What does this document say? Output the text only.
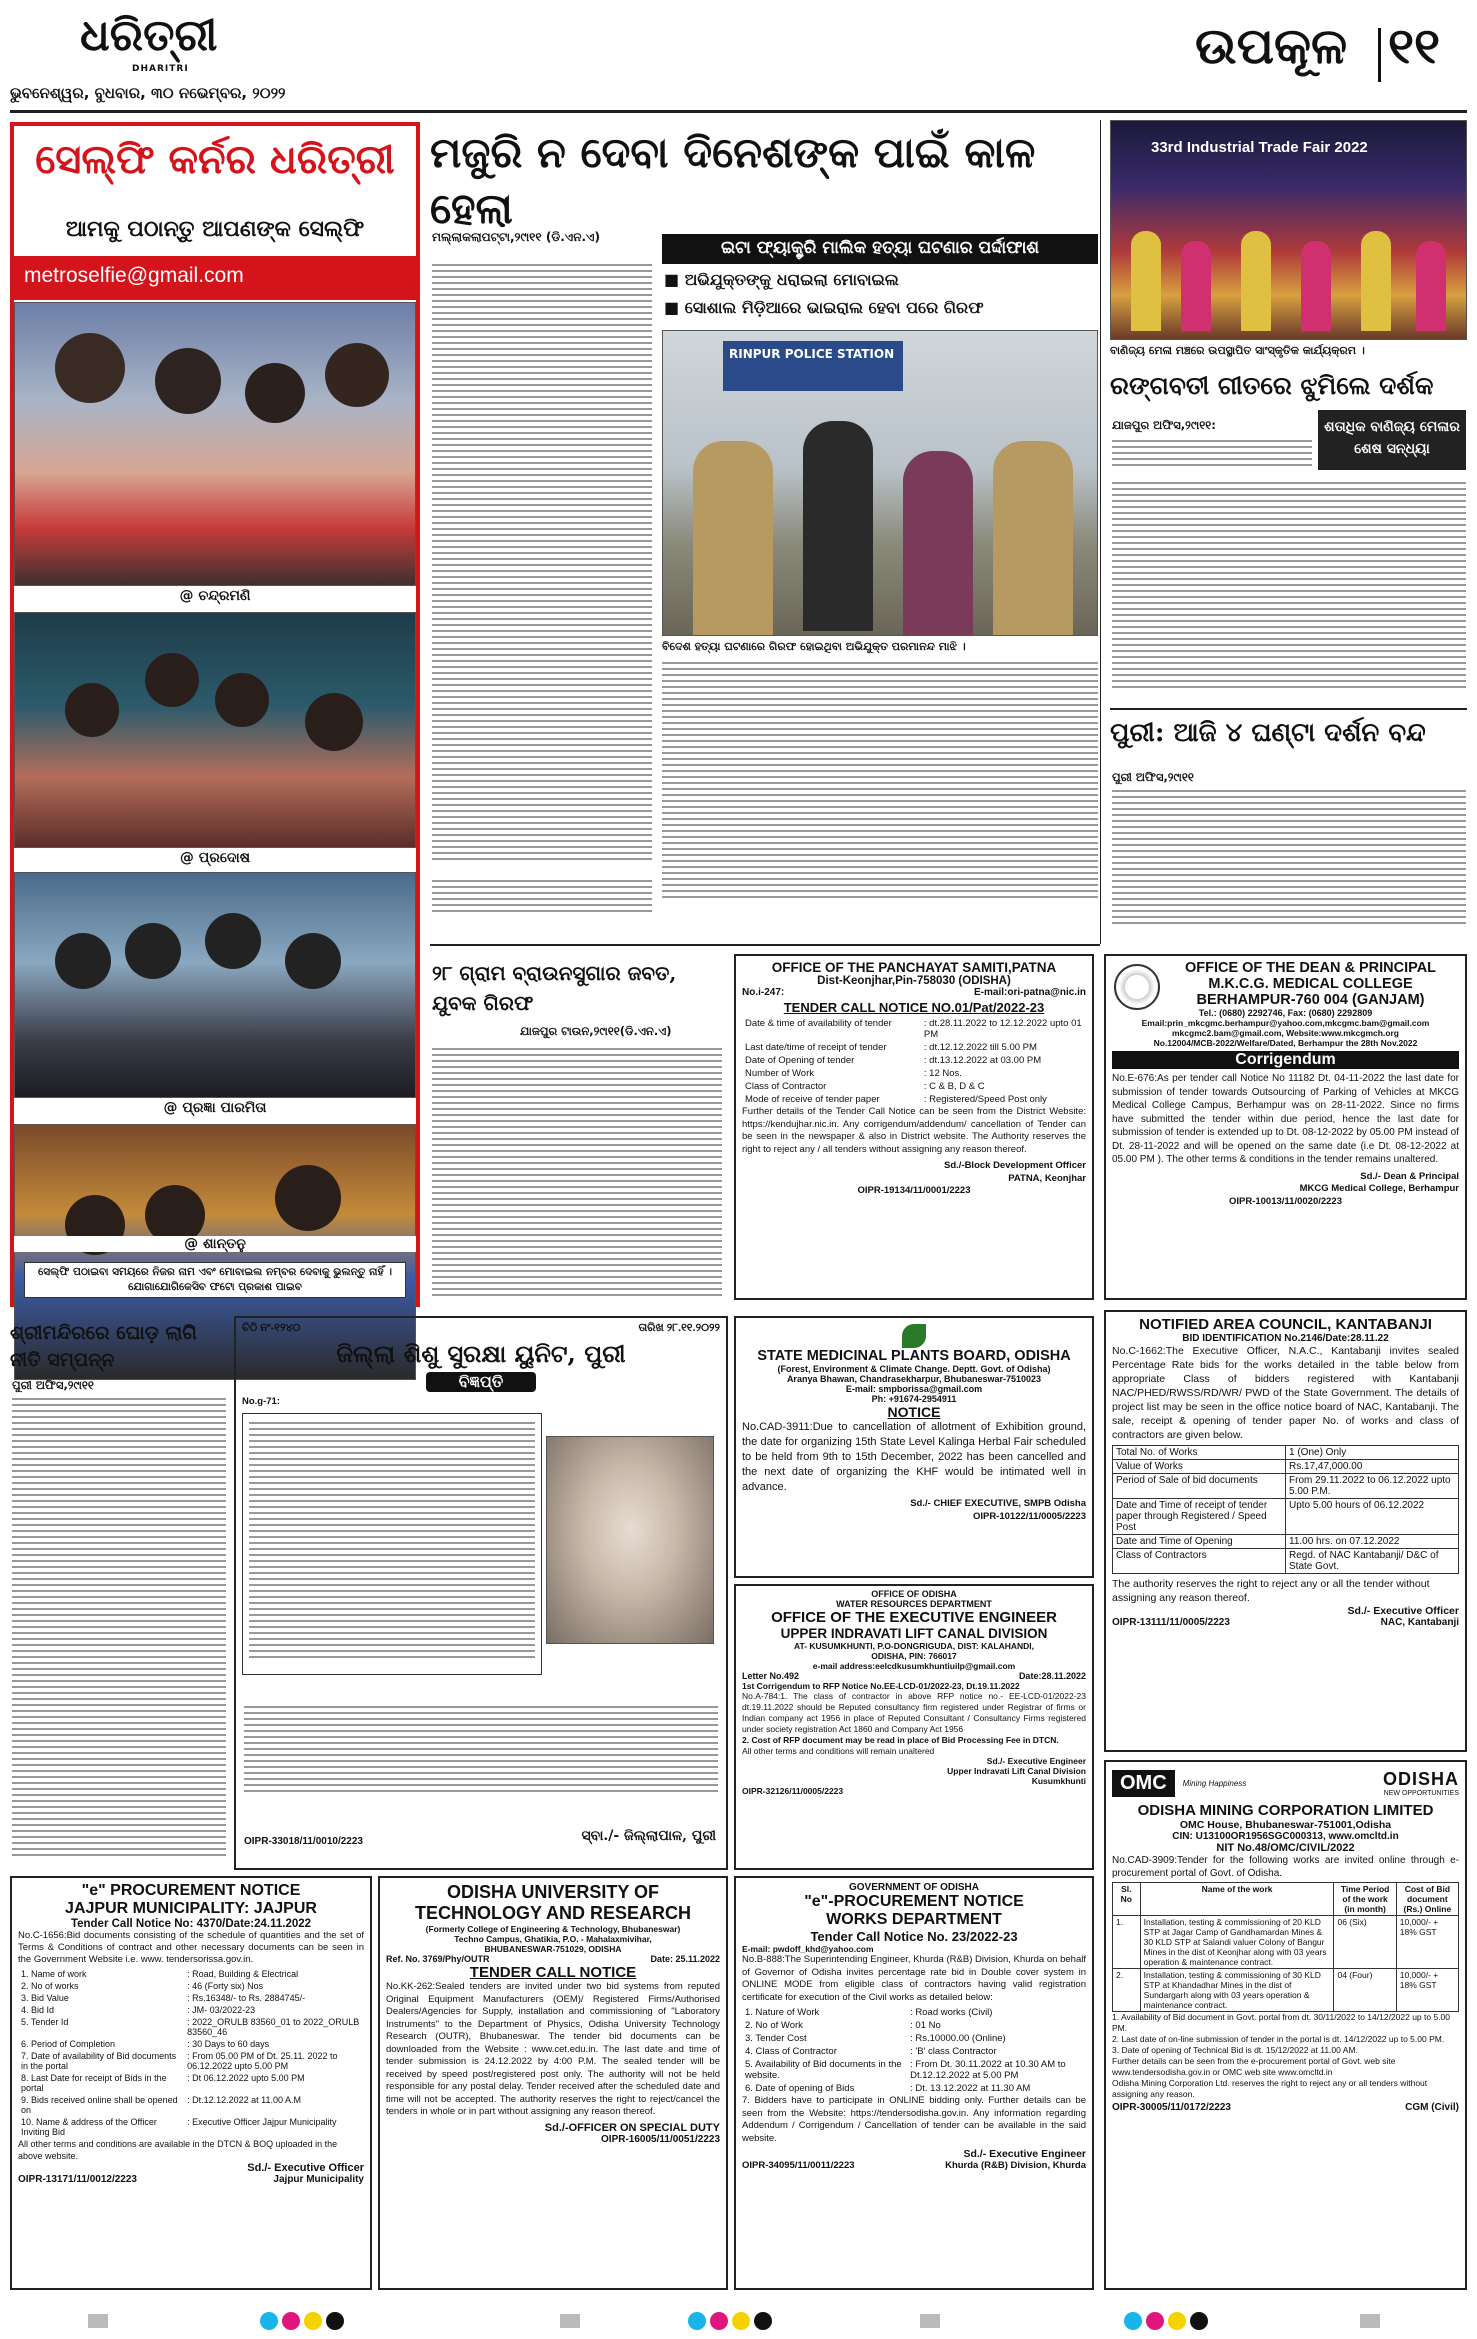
ଧରିତ୍ରୀ
DHARITRI
ଭୁବନେଶ୍ୱର, ବୁଧବାର, ୩୦ ନଭେମ୍ବର, ୨୦୨୨
ଉପକୂଳ ୧୧
ସେଲ୍ଫି କର୍ନର ଧରିତ୍ରୀ
ଆମକୁ ପଠାନ୍ତୁ ଆପଣଙ୍କ ସେଲ୍ଫି
metroselfie@gmail.com
@ ଚନ୍ଦ୍ରମଣି
@ ପ୍ରଦୋଷ
@ ପ୍ରଜ୍ଞା ପାରମିତା
@ ଶାନ୍ତନୁ
ସେଲ୍ଫି ପଠାଇବା ସମୟରେ ନିଜର ନାମ ଏବଂ ମୋବାଇଲ ନମ୍ବର ଦେବାକୁ ଭୁଲନ୍ତୁ ନାହିଁ । ଯୋଗାଯୋଗିକେସିବ ଫଟୋ ପ୍ରକାଶ ପାଇବ
ମଜୁରି ନ ଦେବା ଦିନେଶଙ୍କ ପାଇଁ କାଳ ହେଲା
ମଲ୍ଲାକଲାପଟ୍ଟା,୨୯ା୧୧ (ଡି.ଏନ.ଏ)
ଇଟା ଫ୍ୟାକ୍ଟ୍ରି ମାଲିକ ହତ୍ୟା ଘଟଣାର ପର୍ଦ୍ଦାଫାଶ
■ ଅଭିଯୁକ୍ତଙ୍କୁ ଧରାଇଲା ମୋବାଇଲ
■ ସୋଶାଲ ମିଡ଼ିଆରେ ଭାଇରାଲ ହେବା ପରେ ଗିରଫ
RINPUR POLICE STATION
ବିଦେଶ ହତ୍ୟା ଘଟଣାରେ ଗିରଫ ହୋଇଥିବା ଅଭିଯୁକ୍ତ ପରମାନନ୍ଦ ମାଝି ।
33rd Industrial Trade Fair 2022
ବାଣିଜ୍ୟ ମେଳା ମଞ୍ଚରେ ଉପସ୍ଥାପିତ ସାଂସ୍କୃତିକ କାର୍ଯ୍ୟକ୍ରମ ।
ରଙ୍ଗବତୀ ଗୀତରେ ଝୁମିଲେ ଦର୍ଶକ
ଯାଜପୁର ଅଫିସ,୨୯ା୧୧:	ଶତାଧିକ ବାଣିଜ୍ୟ ମେଳାର ଶେଷ ସନ୍ଧ୍ୟା
ପୁରୀ: ଆଜି ୪ ଘଣ୍ଟା ଦର୍ଶନ ବନ୍ଦ
ପୁରୀ ଅଫିସ,୨୯ା୧୧
୨୮ ଗ୍ରାମ ବ୍ରାଉନସୁଗାର ଜବତ, ଯୁବକ ଗିରଫ
ଯାଜପୁର ଟାଉନ,୨୯ା୧୧(ଡି.ଏନ.ଏ)
OFFICE OF THE PANCHAYAT SAMITI,PATNA
Dist-Keonjhar,Pin-758030 (ODISHA)
No.i-247:	E-mail:ori-patna@nic.in
TENDER CALL NOTICE NO.01/Pat/2022-23
Date & time of availability of tender	: dt.28.11.2022 to 12.12.2022 upto 01 PM
Last date/time of receipt of tender	: dt.12.12.2022 till 5.00 PM
Date of Opening of tender	: dt.13.12.2022 at 03.00 PM
Number of Work	: 12 Nos.
Class of Contractor	: C & B, D & C
Mode of receive of tender paper	: Registered/Speed Post only
Further details of the Tender Call Notice can be seen from the District Website: https://kendujhar.nic.in. Any corrigendum/addendum/ cancellation of Tender can be seen in the newspaper & also in District website. The Authority reserves the right to reject any / all tenders without assigning any reason thereof.
Sd./-Block Development Officer
PATNA, Keonjhar
OIPR-19134/11/0001/2223
OFFICE OF THE DEAN & PRINCIPAL
M.K.C.G. MEDICAL COLLEGE
BERHAMPUR-760 004 (GANJAM)
Tel.: (0680) 2292746, Fax: (0680) 2292809
Email:prin_mkcgmc.berhampur@yahoo.com,mkcgmc.bam@gmail.com
mkcgmc2.bam@gmail.com, Website:www.mkcgmch.org
No.12004/MCB-2022/Welfare/Dated, Berhampur the 28th Nov.2022
Corrigendum
No.E-676:As per tender call Notice No 11182 Dt. 04-11-2022 the last date for submission of tender towards Outsourcing of Parking of Vehicles at MKCG Medical College Campus, Berhampur was on 28-11-2022. Since no firms have submitted the tender within due period, hence the last date for submission of tender is extended up to Dt. 08-12-2022 by 05.00 PM instead of Dt. 28-11-2022 and will be opened on the same date (i.e Dt. 08-12-2022 at 05.00 PM ). The other terms & conditions in the tender remains unaltered.
Sd./- Dean & Principal
MKCG Medical College, Berhampur
OIPR-10013/11/0020/2223
ଶ୍ରୀମନ୍ଦିରରେ ଘୋଡ଼ ଲାଗି ନୀତି ସମ୍ପନ୍ନ
ପୁରୀ ଅଫିସ,୨୯ା୧୧
ଚିଠି ନଂ-୧୨୪୦	ତାରିଖ ୨୮.୧୧.୨୦୨୨
ଜିଲ୍ଲା ଶିଶୁ ସୁରକ୍ଷା ୟୁନିଟ, ପୁରୀ
ବିଜ୍ଞପ୍ତି
No.g-71:
OIPR-33018/11/0010/2223	ସ୍ବା./- ଜିଲ୍ଲାପାଳ, ପୁରୀ
STATE MEDICINAL PLANTS BOARD, ODISHA
(Forest, Environment & Climate Change. Deptt. Govt. of Odisha)
Aranya Bhawan, Chandrasekharpur, Bhubaneswar-7510023
E-mail: smpborissa@gmail.com
Ph: +91674-2954911
NOTICE
No.CAD-3911:Due to cancellation of allotment of Exhibition ground, the date for organizing 15th State Level Kalinga Herbal Fair scheduled to be held from 9th to 15th December, 2022 has been cancelled and the next date of organizing the KHF would be intimated well in advance.
Sd./- CHIEF EXECUTIVE, SMPB Odisha
OIPR-10122/11/0005/2223
OFFICE OF ODISHA
WATER RESOURCES DEPARTMENT
OFFICE OF THE EXECUTIVE ENGINEER
UPPER INDRAVATI LIFT CANAL DIVISION
AT- KUSUMKHUNTI, P.O-DONGRIGUDA, DIST: KALAHANDI,
ODISHA, PIN: 766017
e-mail address:eelcdkusumkhuntiuilp@gmail.com
Letter No.492	Date:28.11.2022
1st Corrigendum to RFP Notice No.EE-LCD-01/2022-23, Dt.19.11.2022
No.A-784:1. The class of contractor in above RFP notice no.- EE-LCD-01/2022-23 dt.19.11.2022 should be Reputed consultancy firm registered under Registrar of firms or Indian company act 1956 in place of Reputed Consultant / Consultancy Firms registered under society registration Act 1860 and Company Act 1956
2. Cost of RFP document may be read in place of Bid Processing Fee in DTCN.
All other terms and conditions will remain unaltered
Sd./- Executive Engineer
Upper Indravati Lift Canal Division
Kusumkhunti
OIPR-32126/11/0005/2223
NOTIFIED AREA COUNCIL, KANTABANJI
BID IDENTIFICATION No.2146/Date:28.11.22
No.C-1662:The Executive Officer, N.A.C., Kantabanji invites sealed Percentage Rate bids for the works detailed in the table below from appropriate Class of bidders registered with Kantabanji NAC/PHED/RWSS/RD/WR/ PWD of the State Government. The details of project list may be seen in the office notice board of NAC, Kantabanji. The sale, receipt & opening of tender paper No. of works and class of contractors are given below.
Total No. of Works	1 (One) Only
Value of Works	Rs.17,47,000.00
Period of Sale of bid documents	From 29.11.2022 to 06.12.2022 upto 5.00 P.M.
Date and Time of receipt of tender paper through Registered / Speed Post	Upto 5.00 hours of 06.12.2022
Date and Time of Opening	11.00 hrs. on 07.12.2022
Class of Contractors	Regd. of NAC Kantabanji/ D&C of State Govt.
The authority reserves the right to reject any or all the tender without assigning any reason thereof.
Sd./- Executive Officer
OIPR-13111/11/0005/2223	NAC, Kantabanji
OMC	Mining Happiness	ODISHA
NEW OPPORTUNITIES
ODISHA MINING CORPORATION LIMITED
OMC House, Bhubaneswar-751001,Odisha
CIN: U13100OR1956SGC000313, www.omcltd.in
NIT No.48/OMC/CIVIL/2022
No.CAD-3909:Tender for the following works are invited online through e-procurement portal of Govt. of Odisha.
Sl. No	Name of the work	Time Period of the work (in month)	Cost of Bid document (Rs.) Online
1.	Installation, testing & commissioning of 20 KLD STP at Jagar Camp of Gandhamardan Mines & 30 KLD STP at Salandi valuer Colony of Bangur Mines in the dist of Keonjhar along with 03 years operation & maintenance contract.	06 (Six)	10,000/- + 18% GST
2.	Installation, testing & commissioning of 30 KLD STP at Khandadhar Mines in the dist of Sundargarh along with 03 years operation & maintenance contract.	04 (Four)	10,000/- + 18% GST
1. Availability of Bid document in Govt. portal from dt. 30/11/2022 to 14/12/2022 up to 5.00 PM.
2. Last date of on-line submission of tender in the portal is dt. 14/12/2022 up to 5.00 PM.
3. Date of opening of Technical Bid is dt. 15/12/2022 at 11.00 AM.
Further details can be seen from the e-procurement portal of Govt. web site www.tendersodisha.gov.in or OMC web site www.omcltd.in
Odisha Mining Corporation Ltd. reserves the right to reject any or all tenders without assigning any reason.
OIPR-30005/11/0172/2223	CGM (Civil)
"e" PROCUREMENT NOTICE
JAJPUR MUNICIPALITY: JAJPUR
Tender Call Notice No: 4370/Date:24.11.2022
No.C-1656:Bid documents consisting of the schedule of quantities and the set of Terms & Conditions of contract and other necessary documents can be seen in the Government Website i.e. www. tendersorissa.gov.in.
1. Name of work	: Road, Building & Electrical
2. No of works	: 46 (Forty six) Nos
3. Bid Value	: Rs.16348/- to Rs. 2884745/-
4. Bid Id	: JM- 03/2022-23
5. Tender Id	: 2022_ORULB 83560_01 to 2022_ORULB 83560_46
6. Period of Completion	: 30 Days to 60 days
7. Date of availability of Bid documents in the portal	: From 05.00 PM of Dt. 25.11. 2022 to 06.12.2022 upto 5.00 PM
8. Last Date for receipt of Bids in the portal	: Dt 06.12.2022 upto 5.00 PM
9. Bids received online shall be opened on	: Dt.12.12.2022 at 11.00 A.M
10. Name & address of the Officer Inviting Bid	: Executive Officer Jajpur Municipality
All other terms and conditions are available in the DTCN & BOQ uploaded in the above website.
Sd./- Executive Officer
OIPR-13171/11/0012/2223	Jajpur Municipality
ODISHA UNIVERSITY OF
TECHNOLOGY AND RESEARCH
(Formerly College of Engineering & Technology, Bhubaneswar)
Techno Campus, Ghatikia, P.O. - Mahalaxmivihar,
BHUBANESWAR-751029, ODISHA
Ref. No. 3769/Phy/OUTR	Date: 25.11.2022
TENDER CALL NOTICE
No.KK-262:Sealed tenders are invited under two bid systems from reputed Original Equipment Manufacturers (OEM)/ Registered Firms/Authorised Dealers/Agencies for Supply, installation and commissioning of "Laboratory Instruments" to the Department of Physics, Odisha University Technology Research (OUTR), Bhubaneswar. The tender bid documents can be downloaded from the Website : www.cet.edu.in. The last date and time of tender submission is 24.12.2022 by 4:00 P.M. The sealed tender will be received by speed post/registered post only. The authority will not be held responsible for any postal delay. Tender received after the scheduled date and time will not be accepted. The authority reserves the right to reject/cancel the tenders in whole or in part without assigning any reason thereof.
Sd./-OFFICER ON SPECIAL DUTY
OIPR-16005/11/0051/2223
GOVERNMENT OF ODISHA
"e"-PROCUREMENT NOTICE
WORKS DEPARTMENT
Tender Call Notice No. 23/2022-23
E-mail: pwdoff_khd@yahoo.com
No.B-888:The Superintending Engineer, Khurda (R&B) Division, Khurda on behalf of Governor of Odisha invites percentage rate bid in Double cover system in ONLINE MODE from eligible class of contractors having valid registration certificate for execution of the Civil works as detailed below:
1. Nature of Work	: Road works (Civil)
2. No of Work	: 01 No
3. Tender Cost	: Rs.10000.00 (Online)
4. Class of Contractor	: 'B' class Contractor
5. Availability of Bid documents in the website.	: From Dt. 30.11.2022 at 10.30 AM to Dt.12.12.2022 at 5.00 PM
6. Date of opening of Bids	: Dt. 13.12.2022 at 11.30 AM
7. Bidders have to participate in ONLINE bidding only. Further details can be seen from the Website: https://tendersodisha.gov.in. Any information regarding Addendum / Corrigendum / Cancellation of tender can be available in the said website.
Sd./- Executive Engineer
OIPR-34095/11/0011/2223	Khurda (R&B) Division, Khurda
